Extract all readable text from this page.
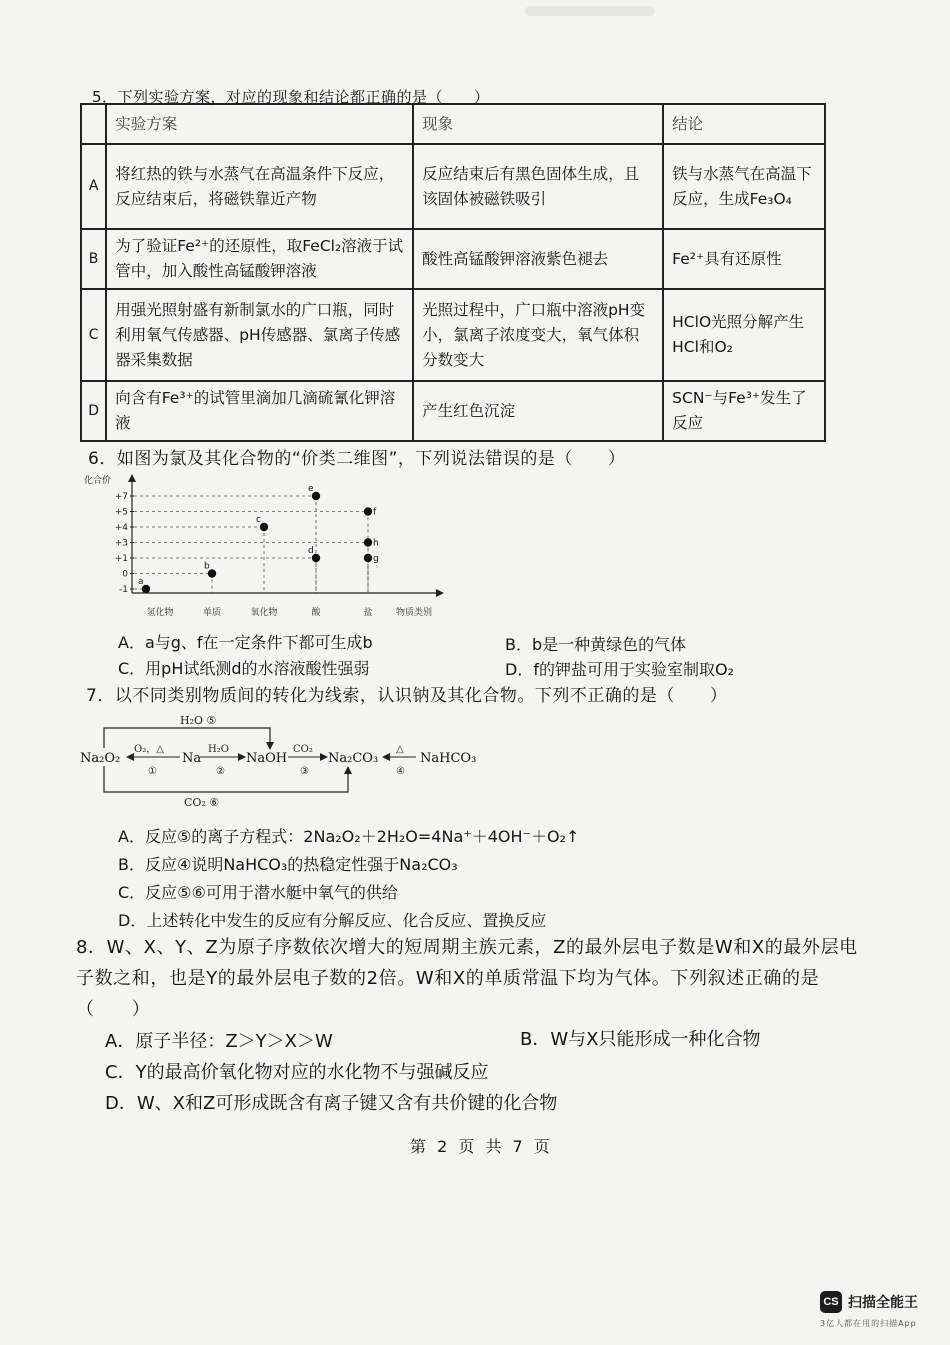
5．下列实验方案，对应的现象和结论都正确的是（　　）
	实验方案	现象	结论
A	将红热的铁与水蒸气在高温条件下反应，反应结束后，将磁铁靠近产物	反应结束后有黑色固体生成，且该固体被磁铁吸引	铁与水蒸气在高温下反应，生成Fe₃O₄
B	为了验证Fe²⁺的还原性，取FeCl₂溶液于试管中，加入酸性高锰酸钾溶液	酸性高锰酸钾溶液紫色褪去	Fe²⁺具有还原性
C	用强光照射盛有新制氯水的广口瓶，同时利用氧气传感器、pH传感器、氯离子传感器采集数据	光照过程中，广口瓶中溶液pH变小，氯离子浓度变大，氧气体积分数变大	HClO光照分解产生HCl和O₂
D	向含有Fe³⁺的试管里滴加几滴硫氰化钾溶液	产生红色沉淀	SCN⁻与Fe³⁺发生了反应
6．如图为氯及其化合物的“价类二维图”，下列说法错误的是（　　）
化合价
物质类别
+7
+5
+4
+3
+1
0
-1
氢化物	单质	氧化物	酸	盐
a
b
c
e
d
f
h
g
A．a与g、f在一定条件下都可生成b	B．b是一种黄绿色的气体
C．用pH试纸测d的水溶液酸性强弱	D．f的钾盐可用于实验室制取O₂
7．以不同类别物质间的转化为线索，认识钠及其化合物。下列不正确的是（　　）
H₂O ⑤
CO₂ ⑥
Na₂O₂	Na	NaOH	Na₂CO₃	NaHCO₃
O₂，△
①
H₂O
②
CO₂
③
△
④
A．反应⑤的离子方程式：2Na₂O₂＋2H₂O=4Na⁺＋4OH⁻＋O₂↑
B．反应④说明NaHCO₃的热稳定性强于Na₂CO₃
C．反应⑤⑥可用于潜水艇中氧气的供给
D．上述转化中发生的反应有分解反应、化合反应、置换反应
8．W、X、Y、Z为原子序数依次增大的短周期主族元素，Z的最外层电子数是W和X的最外层电子数之和，也是Y的最外层电子数的2倍。W和X的单质常温下均为气体。下列叙述正确的是（　　）
A．原子半径：Z＞Y＞X＞W	B．W与X只能形成一种化合物
C．Y的最高价氧化物对应的水化物不与强碱反应
D．W、X和Z可形成既含有离子键又含有共价键的化合物
第 2 页 共 7 页
CS 扫描全能王
3亿人都在用的扫描App
